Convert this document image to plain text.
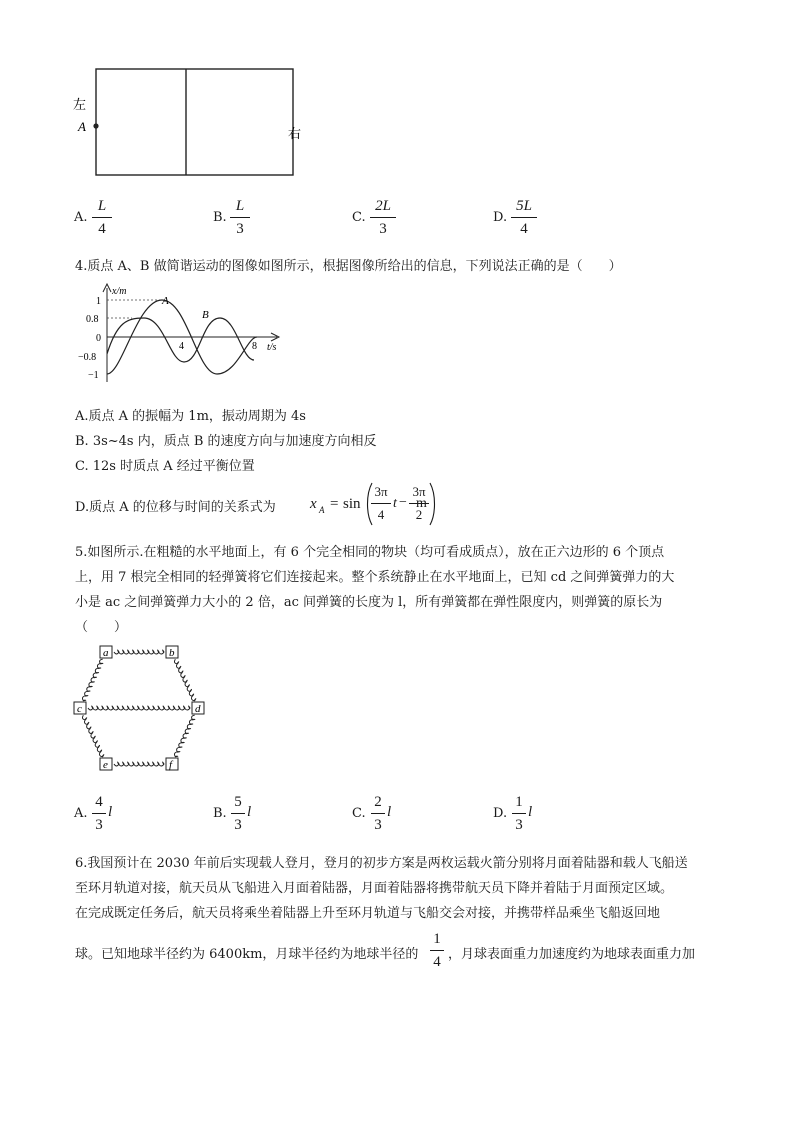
左
A	右
A.
L
4
B.
L
3
C.
2L
3
D.
5L
4
4.质点 A、B 做简谐运动的图像如图所示，根据图像所给出的信息，下列说法正确的是（　　）
x/m
1
0.8
0
−0.8
−1
A
B
4	8 t/s
A.质点 A 的振幅为 1m，振动周期为 4s
B. 3s~4s 内，质点 B 的速度方向与加速度方向相反
C. 12s 时质点 A 经过平衡位置
D.质点 A 的位移与时间的关系式为 x A = sin
3π
4
t −
3π
2
m
5.如图所示.在粗糙的水平地面上，有 6 个完全相同的物块（均可看成质点），放在正六边形的 6 个顶点
上，用 7 根完全相同的轻弹簧将它们连接起来。整个系统静止在水平地面上，已知 cd 之间弹簧弹力的大
小是 ac 之间弹簧弹力大小的 2 倍，ac 间弹簧的长度为 l，所有弹簧都在弹性限度内，则弹簧的原长为
（　　）
a	b
c	d
e	f
A.
4
3
l	B.
5
3
l	C.
2
3
l	D.
1
3
l
6.我国预计在 2030 年前后实现载人登月，登月的初步方案是两枚运载火箭分别将月面着陆器和载人飞船送
至环月轨道对接，航天员从飞船进入月面着陆器，月面着陆器将携带航天员下降并着陆于月面预定区域。
在完成既定任务后，航天员将乘坐着陆器上升至环月轨道与飞船交会对接，并携带样品乘坐飞船返回地
球。已知地球半径约为 6400km，月球半径约为地球半径的
1
4 ，月球表面重力加速度约为地球表面重力加
